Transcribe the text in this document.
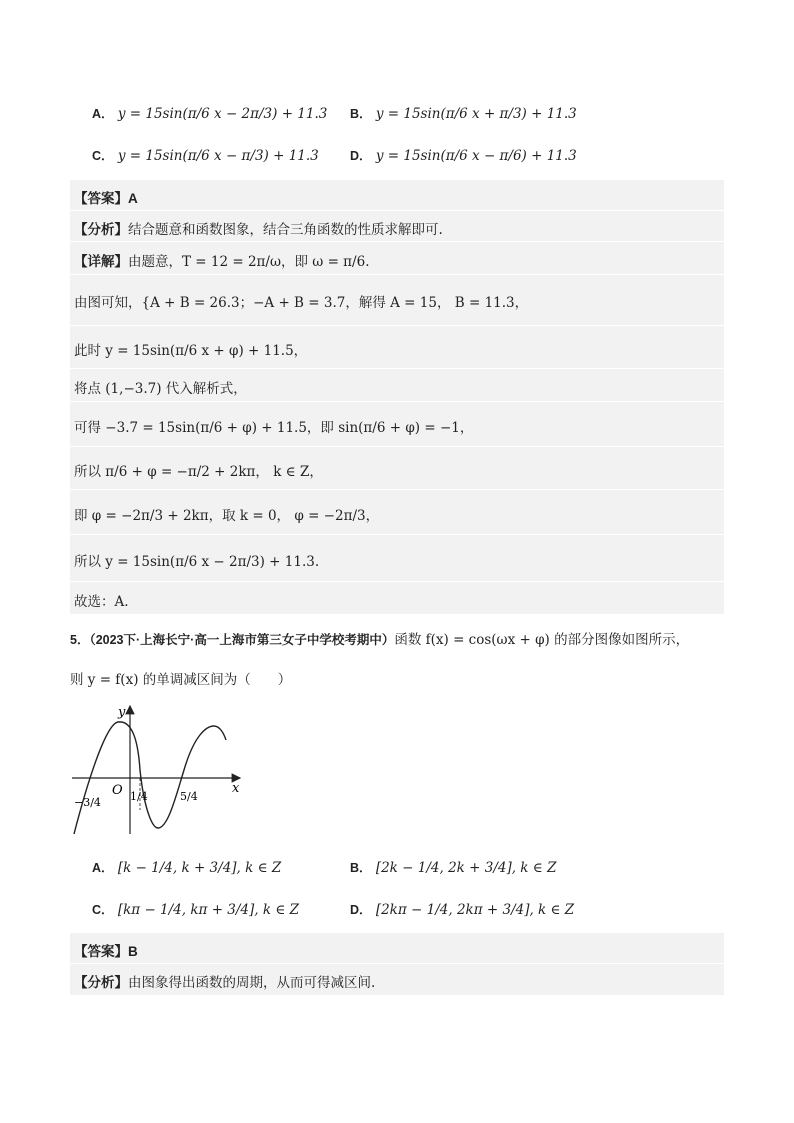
A． y = 15sin(π/6 x − 2π/3) + 11.3 B． y = 15sin(π/6 x + π/3) + 11.3
C． y = 15sin(π/6 x − π/3) + 11.3 D． y = 15sin(π/6 x − π/6) + 11.3
【答案】A
【分析】结合题意和函数图象，结合三角函数的性质求解即可.
【详解】由题意，T = 12 = 2π/ω，即 ω = π/6.
由图可知，{A + B = 26.3；−A + B = 3.7，解得 A = 15， B = 11.3，
此时 y = 15sin(π/6 x + φ) + 11.5，
将点 (1,−3.7) 代入解析式，
可得 −3.7 = 15sin(π/6 + φ) + 11.5，即 sin(π/6 + φ) = −1，
所以 π/6 + φ = −π/2 + 2kπ， k ∈ Z，
即 φ = −2π/3 + 2kπ，取 k = 0， φ = −2π/3，
所以 y = 15sin(π/6 x − 2π/3) + 11.3.
故选：A.
5．（2023下·上海长宁·高一上海市第三女子中学校考期中）函数 f(x) = cos(ωx + φ) 的部分图像如图所示，
则 y = f(x) 的单调减区间为（　　）
y
x
O
−3/4	1/4	5/4
A． [k − 1/4, k + 3/4], k ∈ Z	B． [2k − 1/4, 2k + 3/4], k ∈ Z
C． [kπ − 1/4, kπ + 3/4], k ∈ Z	D． [2kπ − 1/4, 2kπ + 3/4], k ∈ Z
【答案】B
【分析】由图象得出函数的周期，从而可得减区间.
